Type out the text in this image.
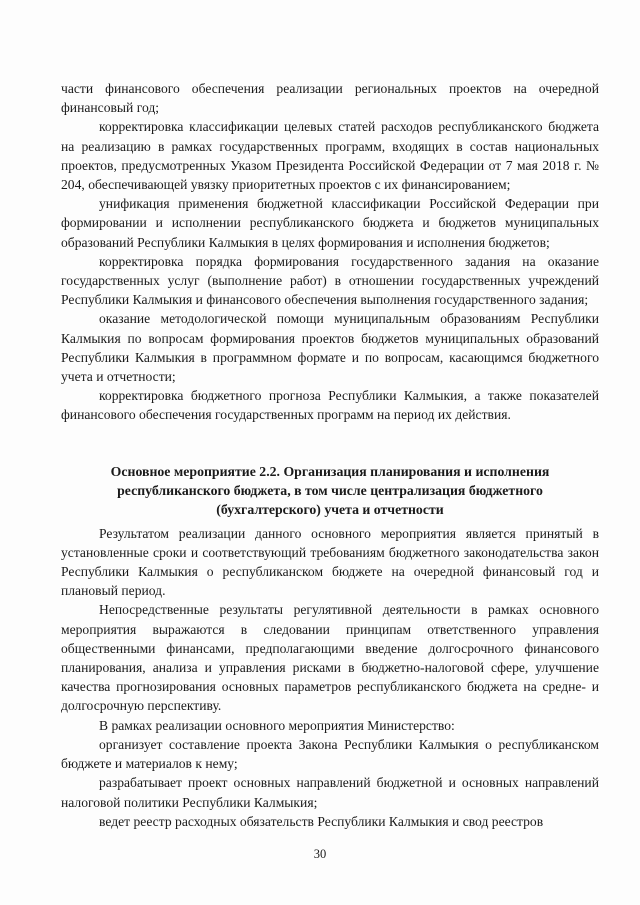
части финансового обеспечения реализации региональных проектов на очередной финансовый год;

корректировка классификации целевых статей расходов республиканского бюджета на реализацию в рамках государственных программ, входящих в состав национальных проектов, предусмотренных Указом Президента Российской Федерации от 7 мая 2018 г. № 204, обеспечивающей увязку приоритетных проектов с их финансированием;

унификация применения бюджетной классификации Российской Федерации при формировании и исполнении республиканского бюджета и бюджетов муниципальных образований Республики Калмыкия в целях формирования и исполнения бюджетов;

корректировка порядка формирования государственного задания на оказание государственных услуг (выполнение работ) в отношении государственных учреждений Республики Калмыкия и финансового обеспечения выполнения государственного задания;

оказание методологической помощи муниципальным образованиям Республики Калмыкия по вопросам формирования проектов бюджетов муниципальных образований Республики Калмыкия в программном формате и по вопросам, касающимся бюджетного учета и отчетности;

корректировка бюджетного прогноза Республики Калмыкия, а также показателей финансового обеспечения государственных программ на период их действия.

Основное мероприятие 2.2. Организация планирования и исполнения республиканского бюджета, в том числе централизация бюджетного (бухгалтерского) учета и отчетности

Результатом реализации данного основного мероприятия является принятый в установленные сроки и соответствующий требованиям бюджетного законодательства закон Республики Калмыкия о республиканском бюджете на очередной финансовый год и плановый период.

Непосредственные результаты регулятивной деятельности в рамках основного мероприятия выражаются в следовании принципам ответственного управления общественными финансами, предполагающими введение долгосрочного финансового планирования, анализа и управления рисками в бюджетно-налоговой сфере, улучшение качества прогнозирования основных параметров республиканского бюджета на средне- и долгосрочную перспективу.

В рамках реализации основного мероприятия Министерство:

организует составление проекта Закона Республики Калмыкия о республиканском бюджете и материалов к нему;

разрабатывает проект основных направлений бюджетной и основных направлений налоговой политики Республики Калмыкия;

ведет реестр расходных обязательств Республики Калмыкия и свод реестров

30
